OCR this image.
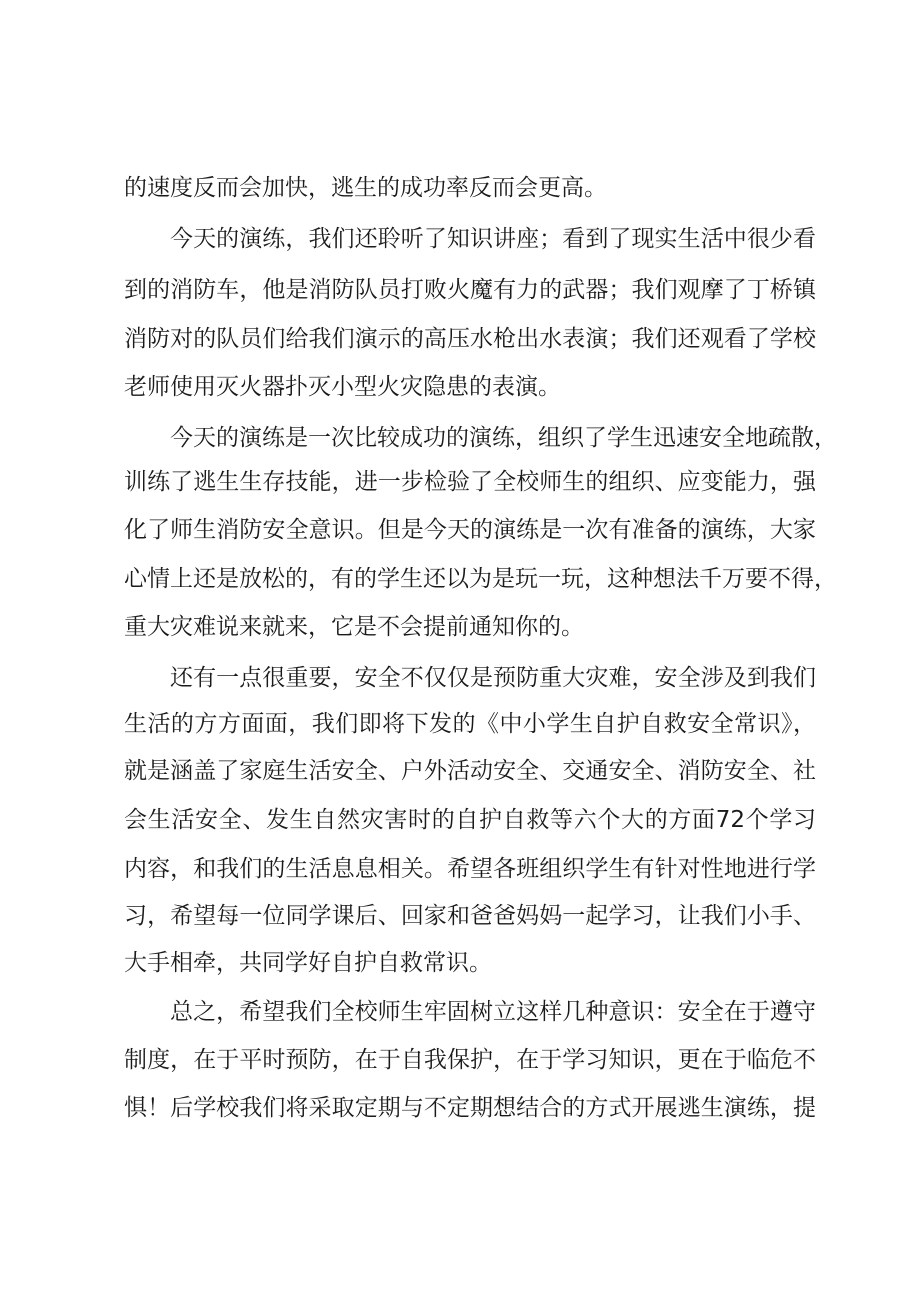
的速度反而会加快，逃生的成功率反而会更高。
今天的演练，我们还聆听了知识讲座；看到了现实生活中很少看
到的消防车，他是消防队员打败火魔有力的武器；我们观摩了丁桥镇
消防对的队员们给我们演示的高压水枪出水表演；我们还观看了学校
老师使用灭火器扑灭小型火灾隐患的表演。
今天的演练是一次比较成功的演练，组织了学生迅速安全地疏散，
训练了逃生生存技能，进一步检验了全校师生的组织、应变能力，强
化了师生消防安全意识。但是今天的演练是一次有准备的演练，大家
心情上还是放松的，有的学生还以为是玩一玩，这种想法千万要不得，
重大灾难说来就来，它是不会提前通知你的。
还有一点很重要，安全不仅仅是预防重大灾难，安全涉及到我们
生活的方方面面，我们即将下发的《中小学生自护自救安全常识》，
就是涵盖了家庭生活安全、户外活动安全、交通安全、消防安全、社
会生活安全、发生自然灾害时的自护自救等六个大的方面72个学习
内容，和我们的生活息息相关。希望各班组织学生有针对性地进行学
习，希望每一位同学课后、回家和爸爸妈妈一起学习，让我们小手、
大手相牵，共同学好自护自救常识。
总之，希望我们全校师生牢固树立这样几种意识：安全在于遵守
制度，在于平时预防，在于自我保护，在于学习知识，更在于临危不
惧！后学校我们将采取定期与不定期想结合的方式开展逃生演练，提
